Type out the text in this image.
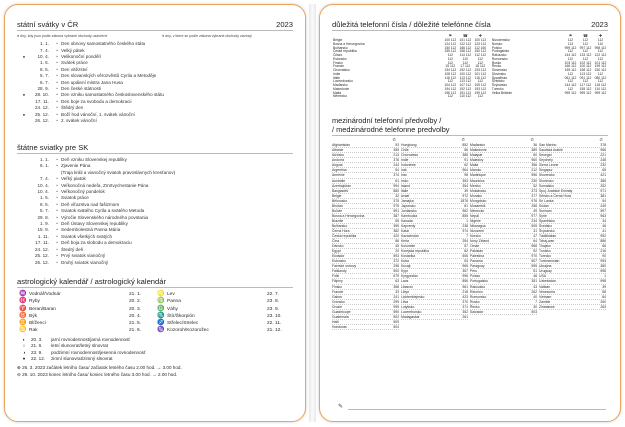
státní svátky v ČR	2023
● dny, kdy jsou podle zákona vybrané obchody uzavřené	● dny, v které se podle zákona vybrané obchody zavírají
1. 1.	• Den obnovy samostatného českého státu
7. 4.	• Velký pátek
●	10. 4.	• Velikonoční pondělí
1. 5.	• Svátek práce
8. 5.	• Den vítězství
5. 7.	• Den slovanských věrozvěstů Cyrila a Metoděje
6. 7.	• Den upálení mistra Jana Husa
28. 9.	• Den české státnosti
●	28. 10.	• Den vzniku samostatného československého státu
17. 11.	• Den boje za svobodu a demokracii
24. 12.	• Štědrý den
●	25. 12.	• Boží hod vánoční, 1. svátek vánoční
26. 12.	• 2. svátek vánoční
štátne sviatky pre SK
1. 1.	• Deň vzniku Slovenskej republiky
6. 1.	• Zjavenie Pána
(Traja králi a vianočný sviatok pravoslávnych kresťanov)
7. 4.	• Veľký piatok
10. 4.	• Veľkonočná nedeľa, Zmrtvychvstanie Pána
10. 4.	• Veľkonočný pondelok
1. 5.	• Sviatok práce
8. 5.	• Deň víťazstva nad fašizmom
5. 7.	• Sviatok svätého Cyrila a svätého Metoda
29. 8.	• Výročie Slovenského národného povstania
1. 9.	• Deň Ústavy Slovenskej republiky
15. 9.	• Sedembolestná Panna Mária
1. 11.	• Sviatok všetkých svätých
17. 11.	• Deň boja za slobodu a demokraciu
24. 12.	• Štedrý deň
25. 12.	• Prvý sviatok vianočný
26. 12.	• Druhý sviatok vianočný
astrologický kalendář / astrologický kalendár
♒ Vodnář/Vodnár	21. 1.	♌ Lev	22. 7.
♓ Ryby	20. 2.	♍ Panna	23. 8.
♈ Beran/Baran	20. 3.	♎ Váhy	23. 9.
♉ Býk	20. 4.	♏ Štír/Škorpión	23. 10.
♊ Blíženci	21. 5.	♐ Střelec/Strelec	22. 11.
♋ Rak	21. 6.	♑ Kozoroh/Kozorožec	21. 12.
◐	20. 3.	jarní rovnodennost/jarná rovnodennosť
○	21. 6.	letní slunovrat/letný slnovrat
◑	23. 9.	podzimní rovnodennost/jesenná rovnodennosť
●	22. 12.	zimní slunovrat/zimný slnovrat
⊕ 26. 3. 2023 začátek letního času/ začiatok letného času 2.00 hod. → 3.00 hod.
⊖ 29. 10. 2023 konec letního času/ koniec letného času 3.00 hod. → 2.00 hod.
důležitá telefonní čísla / dôležité telefónne čísla	2023
	⚑	☎	✚			⚑	☎	✚
Belgie	100 112	101 112	100 112		Nizozemsko	112	112	112
Bosna a Hercegovina	124 112	122 112	123 112		Norsko	113	112	110
Bulharsko	150 112	166 112	112 160		Polsko	999 112	997 112	998 112
České republika	155 112	158 112	150 112		Portugalsko	112	112	112
Čílsko	112	114 112	112 112		Rakousko	144 112	133 112	122 112
Estonsko	112	110	112		Rumunsko	112	112	112
Finsko	112	112	112		Rusko	103 112	102 112	101 112
Francie	15 112	17 112	18 112		Řecko	166 112	100 112	199 112
Chorvatsko	194 112	192 112	193 112		Slovensko	155 112	158 112	150 112
Indie	108 112	100 112	101 112		Slovinsko	112	113 112	112
Itálie	118 112	113 112	115 112		Španělsko	061 112	091 112	080 112
Lucembursko	112	113 112	112		Švédsko	112	112	112
Maďarsko	104 112	107 112	105 112		Švýcarsko	144 112	117 112	118 112
Makedonie	194 112	192 112	193 112		Turecko	112	155 112	110 112
Malta	196 112	191 112	199 112		Velká Británie	999 112	999 112	999 112
Německo	112	110 112	112					
mezinárodní telefonní předvolby /
/ medzinárodné telefonne predvolby
✆
Afghánistán	93
Albánie	355
Alžírsko	213
Andorra	376
Angola	244
Argentina	54
Arménie	374
Austrálie	61
Ázerbájdžán	994
Bangladéš	880
Belgie	32
Bělorusko	375
Bhútán	975
Bolívie	591
Bosna a Hercegovina	387
Brazílie	55
Bulharsko	359
Černá Hora	382
Česká republika	420
Čína	86
Dánsko	45
Egypt	20
Ekvádor	593
Estonsko	372
Faerské ostrovy	298
Falklandy	500
Fidži	679
Filipíny	63
Finsko	358
Francie	33
Gabon	241
Grónsko	299
Gruzie	995
Guadeloupe	590
Guatemala	502
Haiti	509
Honduras	504
✆
Hongkong	852
Chile	56
Chorvatsko	385
Indie	91
Indonésie	62
Irák	964
Irán	98
Irsko	353
Island	354
Itálie	39
Izrael	972
Jamajka	1876
Japonsko	81
Jordánsko	962
Kambodža	855
Kanada	1
Kapverdy	238
Katar	974
Kazachstán	7
Keňa	254
Kolumbie	57
Korejská republika	82
Kostarika	506
Kuba	53
Kuvajt	965
Kypr	357
Kyrgyzstán	996
Laos	856
Libanon	961
Libye	218
Lichtenštejnsko	423
Litva	370
Lotyšsko	371
Lucembursko	352
Madagaskar	261
✆
Maďarsko	36
Makedonie	389
Malajsie	60
Maledivy	960
Malta	356
Maroko	212
Martinique	596
Mauricius	230
Mexiko	52
Moldavsko	373
Monako	377
Mongolsko	976
Mosambik	258
Německo	49
Nepál	977
Nigérie	234
Nikaragua	505
Nizozemí	31
Norsko	47
Nový Zéland	64
Omán	968
Pákistán	92
Palestina	970
Panama	507
Paraguay	595
Peru	51
Polsko	48
Portugalsko	351
Rakousko	43
Réunion	262
Rumunsko	40
Rusko	7
Řecko	30
Salvador	503
✆
San Marino	378
Saúdská Arábie	966
Senegal	221
Seychely	248
Sierra Leone	232
Singapur	65
Slovensko	421
Slovinsko	386
Somálsko	252
Spoj. Arabské Emiráty	971
Srbsko a Černá Hora	381
Srí Lanka	94
Súdán	249
Surinam	597
Sýrie	963
Španělsko	34
Švédsko	46
Švýcarsko	41
Tádžikistán	992
Tchaj-wan	886
Thajsko	66
Tunisko	216
Turecko	90
Turkmenistán	993
Ukrajina	380
Uruguay	598
USA	1
Uzbekistán	998
Vatikán	39
Venezuela	58
Vietnam	84
Zambie	260
Zimbabwe	263
✎
